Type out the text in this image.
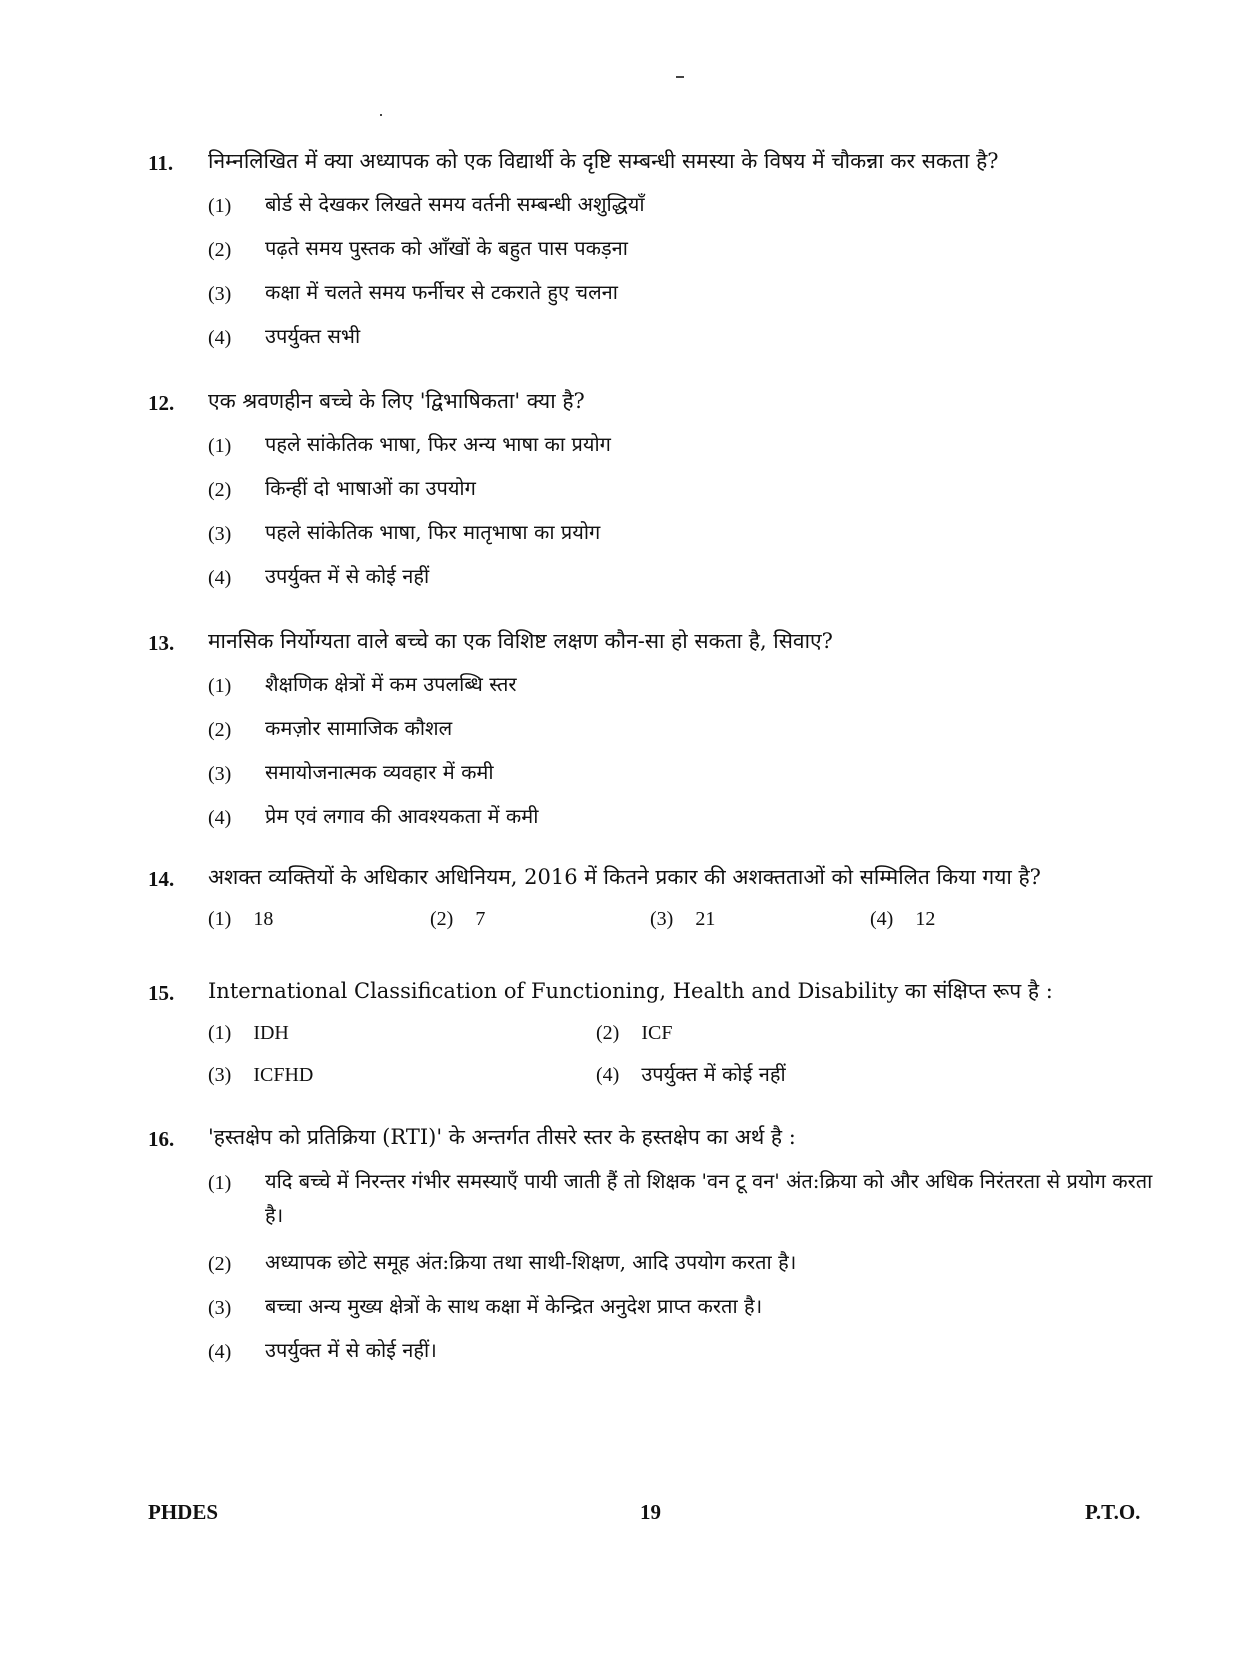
11. निम्नलिखित में क्या अध्यापक को एक विद्यार्थी के दृष्टि सम्बन्धी समस्या के विषय में चौकन्ना कर सकता है?
(1) बोर्ड से देखकर लिखते समय वर्तनी सम्बन्धी अशुद्धियाँ
(2) पढ़ते समय पुस्तक को आँखों के बहुत पास पकड़ना
(3) कक्षा में चलते समय फर्नीचर से टकराते हुए चलना
(4) उपर्युक्त सभी
12. एक श्रवणहीन बच्चे के लिए 'द्विभाषिकता' क्या है?
(1) पहले सांकेतिक भाषा, फिर अन्य भाषा का प्रयोग
(2) किन्हीं दो भाषाओं का उपयोग
(3) पहले सांकेतिक भाषा, फिर मातृभाषा का प्रयोग
(4) उपर्युक्त में से कोई नहीं
13. मानसिक निर्योग्यता वाले बच्चे का एक विशिष्ट लक्षण कौन-सा हो सकता है, सिवाए?
(1) शैक्षणिक क्षेत्रों में कम उपलब्धि स्तर
(2) कमज़ोर सामाजिक कौशल
(3) समायोजनात्मक व्यवहार में कमी
(4) प्रेम एवं लगाव की आवश्यकता में कमी
14. अशक्त व्यक्तियों के अधिकार अधिनियम, 2016 में कितने प्रकार की अशक्तताओं को सम्मिलित किया गया है?
(1) 18	(2) 7	(3) 21	(4) 12
15. International Classification of Functioning, Health and Disability का संक्षिप्त रूप है :
(1) IDH	(2) ICF
(3) ICFHD	(4) उपर्युक्त में कोई नहीं
16. 'हस्तक्षेप को प्रतिक्रिया (RTI)' के अन्तर्गत तीसरे स्तर के हस्तक्षेप का अर्थ है :
(1) यदि बच्चे में निरन्तर गंभीर समस्याएँ पायी जाती हैं तो शिक्षक 'वन टू वन' अंत:क्रिया को और अधिक निरंतरता से प्रयोग करता है।
(2) अध्यापक छोटे समूह अंत:क्रिया तथा साथी-शिक्षण, आदि उपयोग करता है।
(3) बच्चा अन्य मुख्य क्षेत्रों के साथ कक्षा में केन्द्रित अनुदेश प्राप्त करता है।
(4) उपर्युक्त में से कोई नहीं।
PHDES	19	P.T.O.
